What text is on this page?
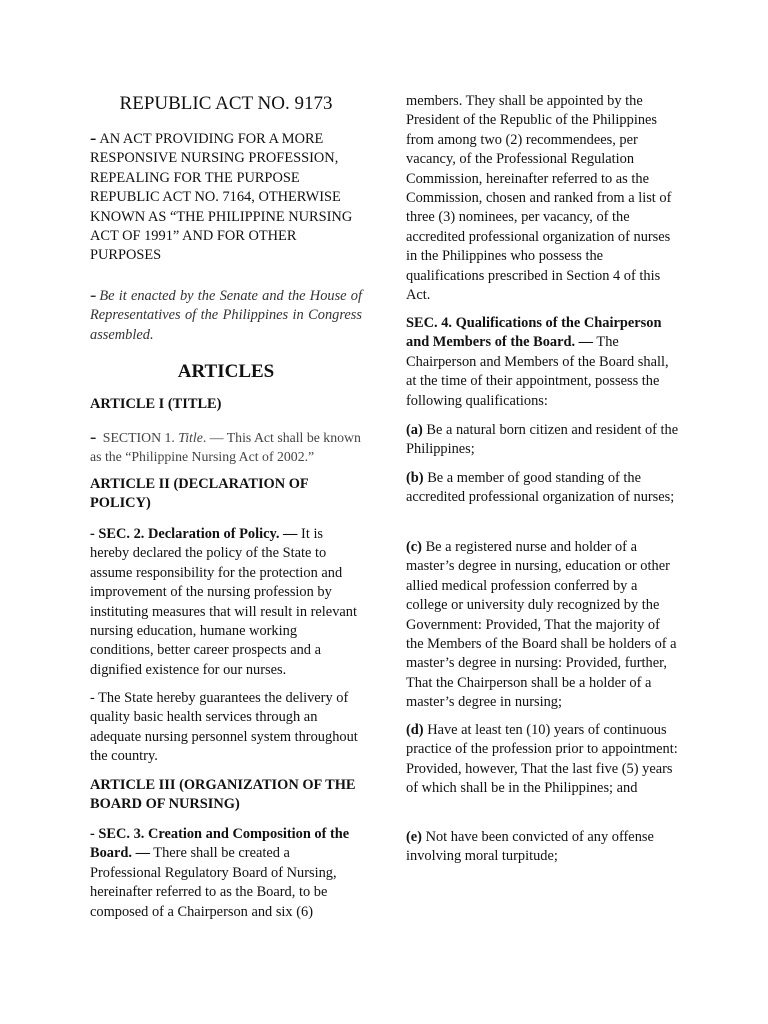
REPUBLIC ACT NO. 9173

- AN ACT PROVIDING FOR A MORE RESPONSIVE NURSING PROFESSION, REPEALING FOR THE PURPOSE REPUBLIC ACT NO. 7164, OTHERWISE KNOWN AS “THE PHILIPPINE NURSING ACT OF 1991” AND FOR OTHER PURPOSES

- Be it enacted by the Senate and the House of Representatives of the Philippines in Congress assembled.

ARTICLES

ARTICLE I (TITLE)

- SECTION 1. Title. — This Act shall be known as the “Philippine Nursing Act of 2002.”

ARTICLE II (DECLARATION OF POLICY)

- SEC. 2. Declaration of Policy. — It is hereby declared the policy of the State to assume responsibility for the protection and improvement of the nursing profession by instituting measures that will result in relevant nursing education, humane working conditions, better career prospects and a dignified existence for our nurses.

- The State hereby guarantees the delivery of quality basic health services through an adequate nursing personnel system throughout the country.

ARTICLE III (ORGANIZATION OF THE BOARD OF NURSING)

- SEC. 3. Creation and Composition of the Board. — There shall be created a Professional Regulatory Board of Nursing, hereinafter referred to as the Board, to be composed of a Chairperson and six (6)

members. They shall be appointed by the President of the Republic of the Philippines from among two (2) recommendees, per vacancy, of the Professional Regulation Commission, hereinafter referred to as the Commission, chosen and ranked from a list of three (3) nominees, per vacancy, of the accredited professional organization of nurses in the Philippines who possess the qualifications prescribed in Section 4 of this Act.

SEC. 4. Qualifications of the Chairperson and Members of the Board. — The Chairperson and Members of the Board shall, at the time of their appointment, possess the following qualifications:

(a) Be a natural born citizen and resident of the Philippines;

(b) Be a member of good standing of the accredited professional organization of nurses;

(c) Be a registered nurse and holder of a master’s degree in nursing, education or other allied medical profession conferred by a college or university duly recognized by the Government: Provided, That the majority of the Members of the Board shall be holders of a master’s degree in nursing: Provided, further, That the Chairperson shall be a holder of a master’s degree in nursing;

(d) Have at least ten (10) years of continuous practice of the profession prior to appointment: Provided, however, That the last five (5) years of which shall be in the Philippines; and

(e) Not have been convicted of any offense involving moral turpitude;
